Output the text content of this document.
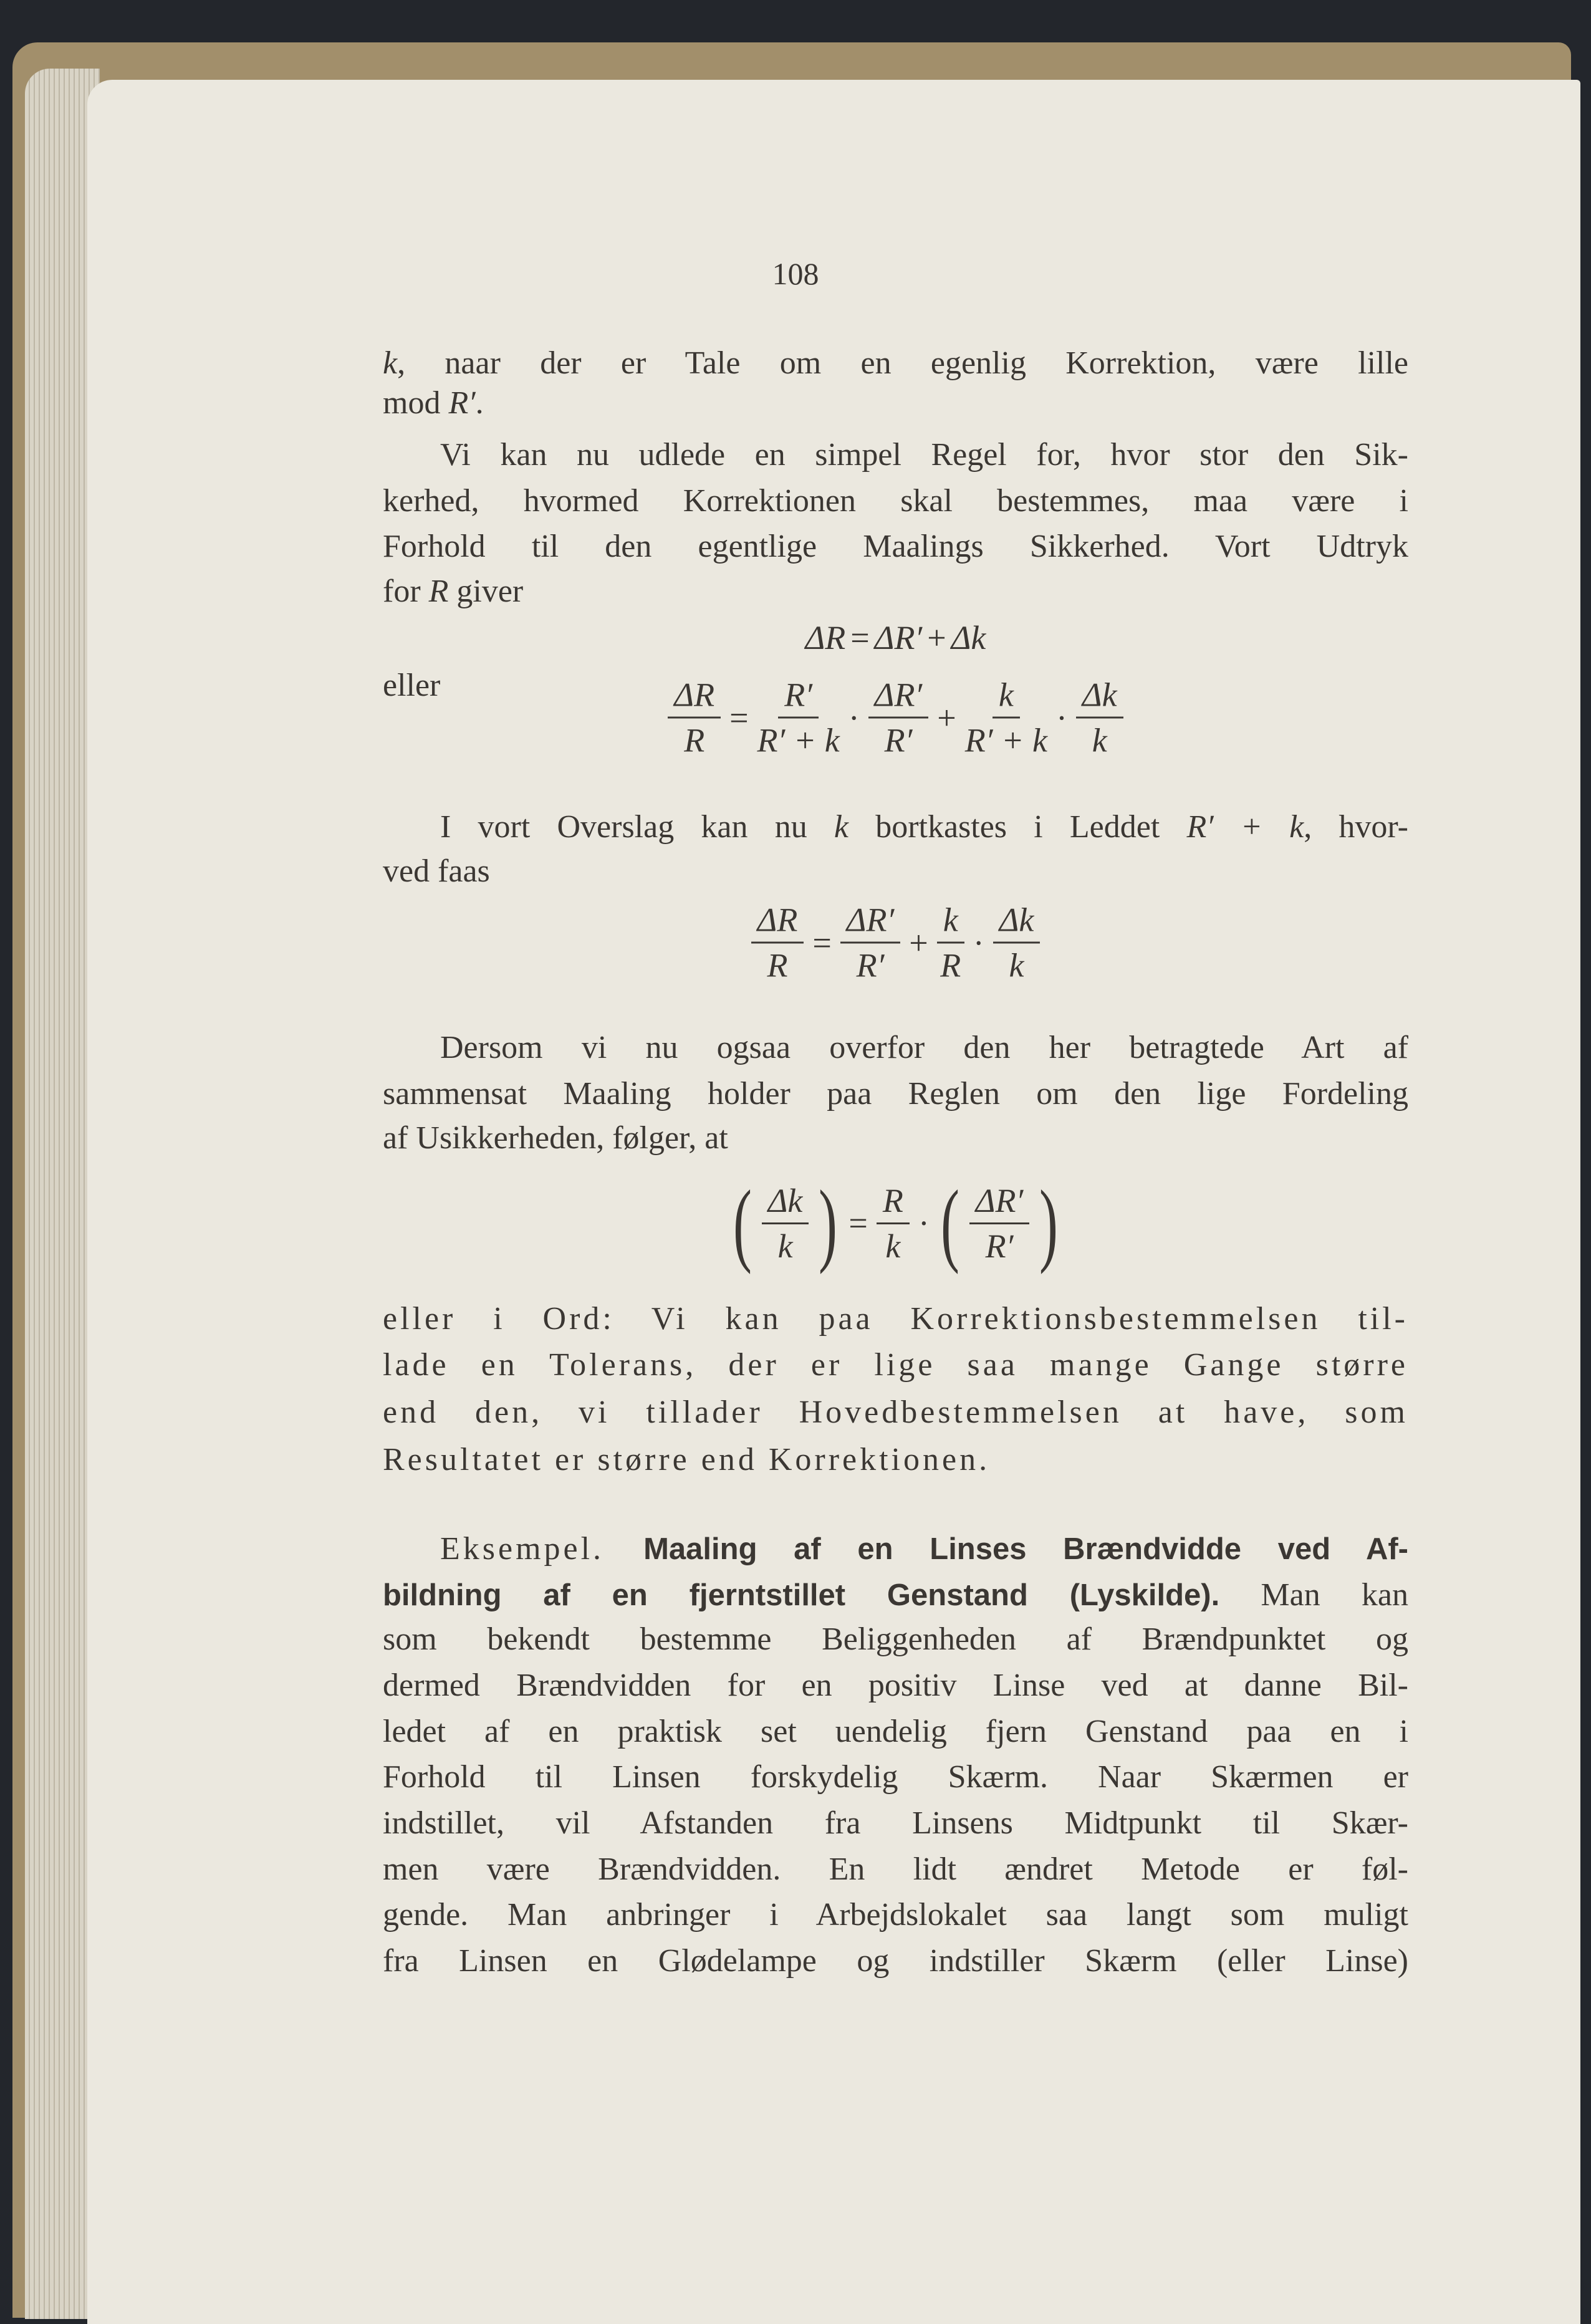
108
k, naar der er Tale om en egenlig Korrektion, være lille
mod R′.
Vi kan nu udlede en simpel Regel for, hvor stor den Sik-
kerhed, hvormed Korrektionen skal bestemmes, maa være i
Forhold til den egentlige Maalings Sikkerhed. Vort Udtryk
for R giver
ΔR = ΔR′ + Δk
eller	$\frac{\Delta R}{R} = \frac{R'}{R' + k} \cdot \frac{\Delta R'}{R'} + \frac{k}{R' + k} \cdot \frac{\Delta k}{k}$
I vort Overslag kan nu k bortkastes i Leddet R′ + k, hvor-
ved faas
$\frac{\Delta R}{R} = \frac{\Delta R'}{R'} + \frac{k}{R} \cdot \frac{\Delta k}{k}$
Dersom vi nu ogsaa overfor den her betragtede Art af
sammensat Maaling holder paa Reglen om den lige Fordeling
af Usikkerheden, følger, at
( $\frac{\Delta k}{k}$ ) = $\frac{R}{k}$ · ( $\frac{\Delta R'}{R'}$ )
eller i Ord: Vi kan paa Korrektionsbestemmelsen til-
lade en Tolerans, der er lige saa mange Gange større
end den, vi tillader Hovedbestemmelsen at have, som
Resultatet er større end Korrektionen.
Eksempel. Maaling af en Linses Brændvidde ved Af-
bildning af en fjerntstillet Genstand (Lyskilde). Man kan
som bekendt bestemme Beliggenheden af Brændpunktet og
dermed Brændvidden for en positiv Linse ved at danne Bil-
ledet af en praktisk set uendelig fjern Genstand paa en i
Forhold til Linsen forskydelig Skærm. Naar Skærmen er
indstillet, vil Afstanden fra Linsens Midtpunkt til Skær-
men være Brændvidden. En lidt ændret Metode er føl-
gende. Man anbringer i Arbejdslokalet saa langt som muligt
fra Linsen en Glødelampe og indstiller Skærm (eller Linse)
